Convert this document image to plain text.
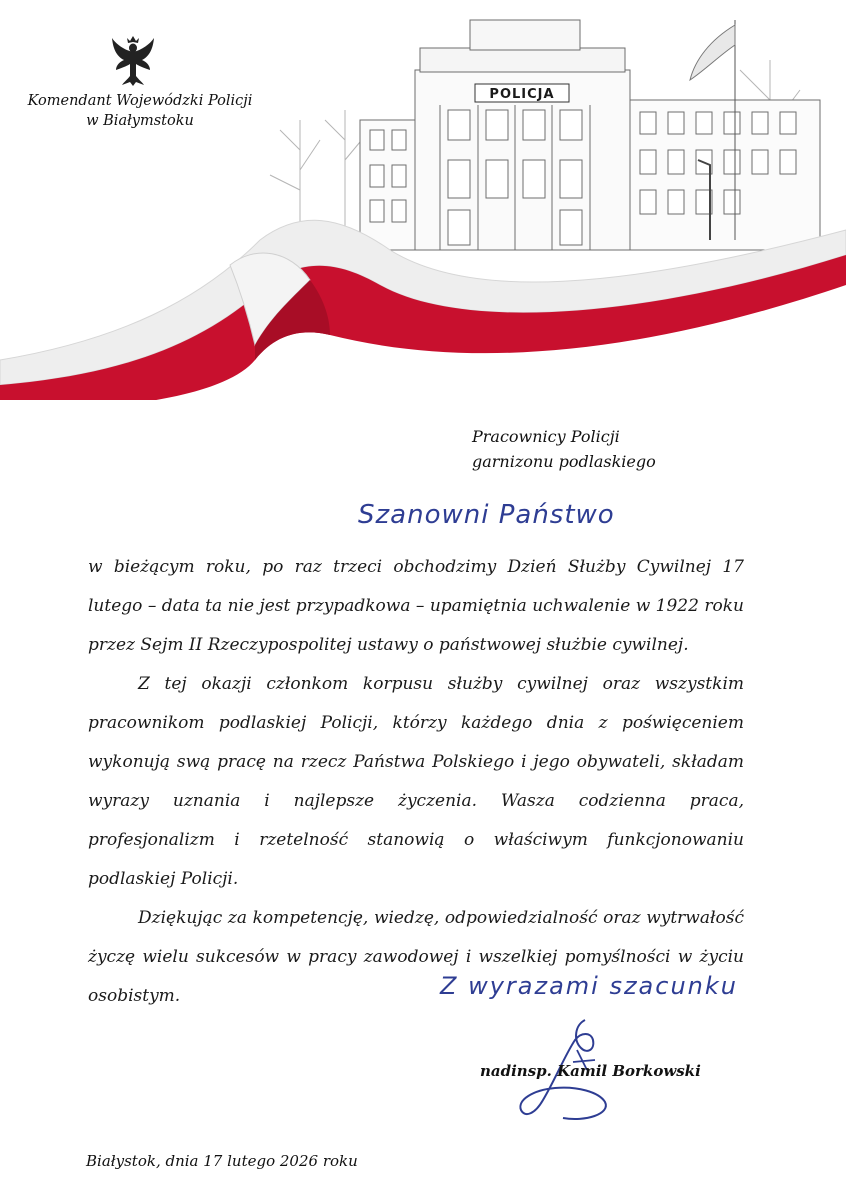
POLICJA
Komendant Wojewódzki Policji
w Białymstoku
Pracownicy Policji
garnizonu podlaskiego
Szanowni Państwo

w bieżącym roku, po raz trzeci obchodzimy Dzień Służby Cywilnej 17 lutego – data ta nie jest przypadkowa – upamiętnia uchwalenie w 1922 roku przez Sejm II Rzeczypospolitej ustawy o państwowej służbie cywilnej.

Z tej okazji członkom korpusu służby cywilnej oraz wszystkim pracownikom podlaskiej Policji, którzy każdego dnia z poświęceniem wykonują swą pracę na rzecz Państwa Polskiego i jego obywateli, składam wyrazy uznania i najlepsze życzenia. Wasza codzienna praca, profesjonalizm i rzetelność stanowią o właściwym funkcjonowaniu podlaskiej Policji.

Dziękując za kompetencję, wiedzę, odpowiedzialność oraz wytrwałość życzę wielu sukcesów w pracy zawodowej i wszelkiej pomyślności w życiu osobistym.	Z wyrazami szacunku
nadinsp. Kamil Borkowski
Białystok, dnia 17 lutego 2026 roku
